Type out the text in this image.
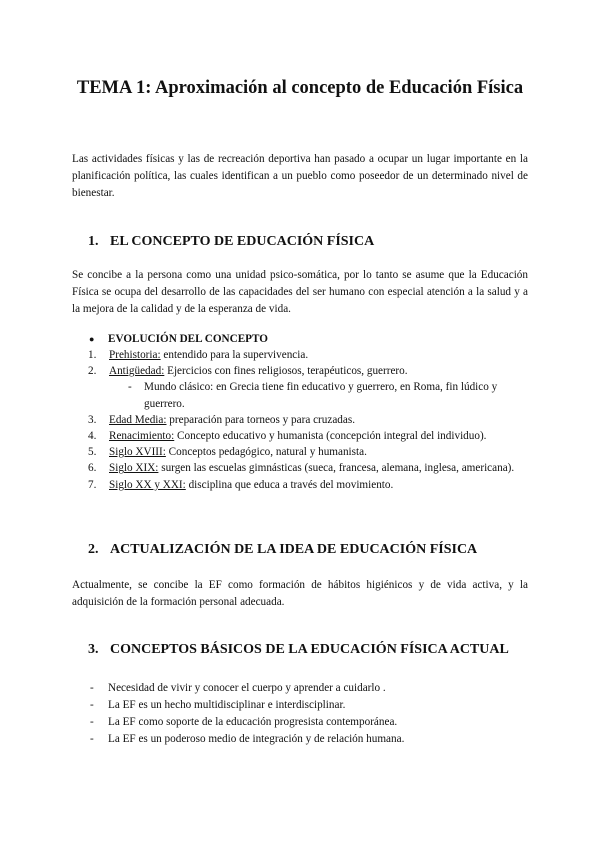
TEMA 1: Aproximación al concepto de Educación Física

Las actividades físicas y las de recreación deportiva han pasado a ocupar un lugar importante en la planificación política, las cuales identifican a un pueblo como poseedor de un determinado nivel de bienestar.

1. EL CONCEPTO DE EDUCACIÓN FÍSICA

Se concibe a la persona como una unidad psico-somática, por lo tanto se asume que la Educación Física se ocupa del desarrollo de las capacidades del ser humano con especial atención a la salud y a la mejora de la calidad y de la esperanza de vida.

● EVOLUCIÓN DEL CONCEPTO

1. Prehistoria: entendido para la supervivencia.
2. Antigüedad: Ejercicios con fines religiosos, terapéuticos, guerrero.
- Mundo clásico: en Grecia tiene fin educativo y guerrero, en Roma, fin lúdico y guerrero.
3. Edad Media: preparación para torneos y para cruzadas.
4. Renacimiento: Concepto educativo y humanista (concepción integral del individuo).
5. Siglo XVIII: Conceptos pedagógico, natural y humanista.
6. Siglo XIX: surgen las escuelas gimnásticas (sueca, francesa, alemana, inglesa, americana).
7. Siglo XX y XXI: disciplina que educa a través del movimiento.
2. ACTUALIZACIÓN DE LA IDEA DE EDUCACIÓN FÍSICA

Actualmente, se concibe la EF como formación de hábitos higiénicos y de vida activa, y la adquisición de la formación personal adecuada.

3. CONCEPTOS BÁSICOS DE LA EDUCACIÓN FÍSICA ACTUAL
- Necesidad de vivir y conocer el cuerpo y aprender a cuidarlo .
- La EF es un hecho multidisciplinar e interdisciplinar.
- La EF como soporte de la educación progresista contemporánea.
- La EF es un poderoso medio de integración y de relación humana.
